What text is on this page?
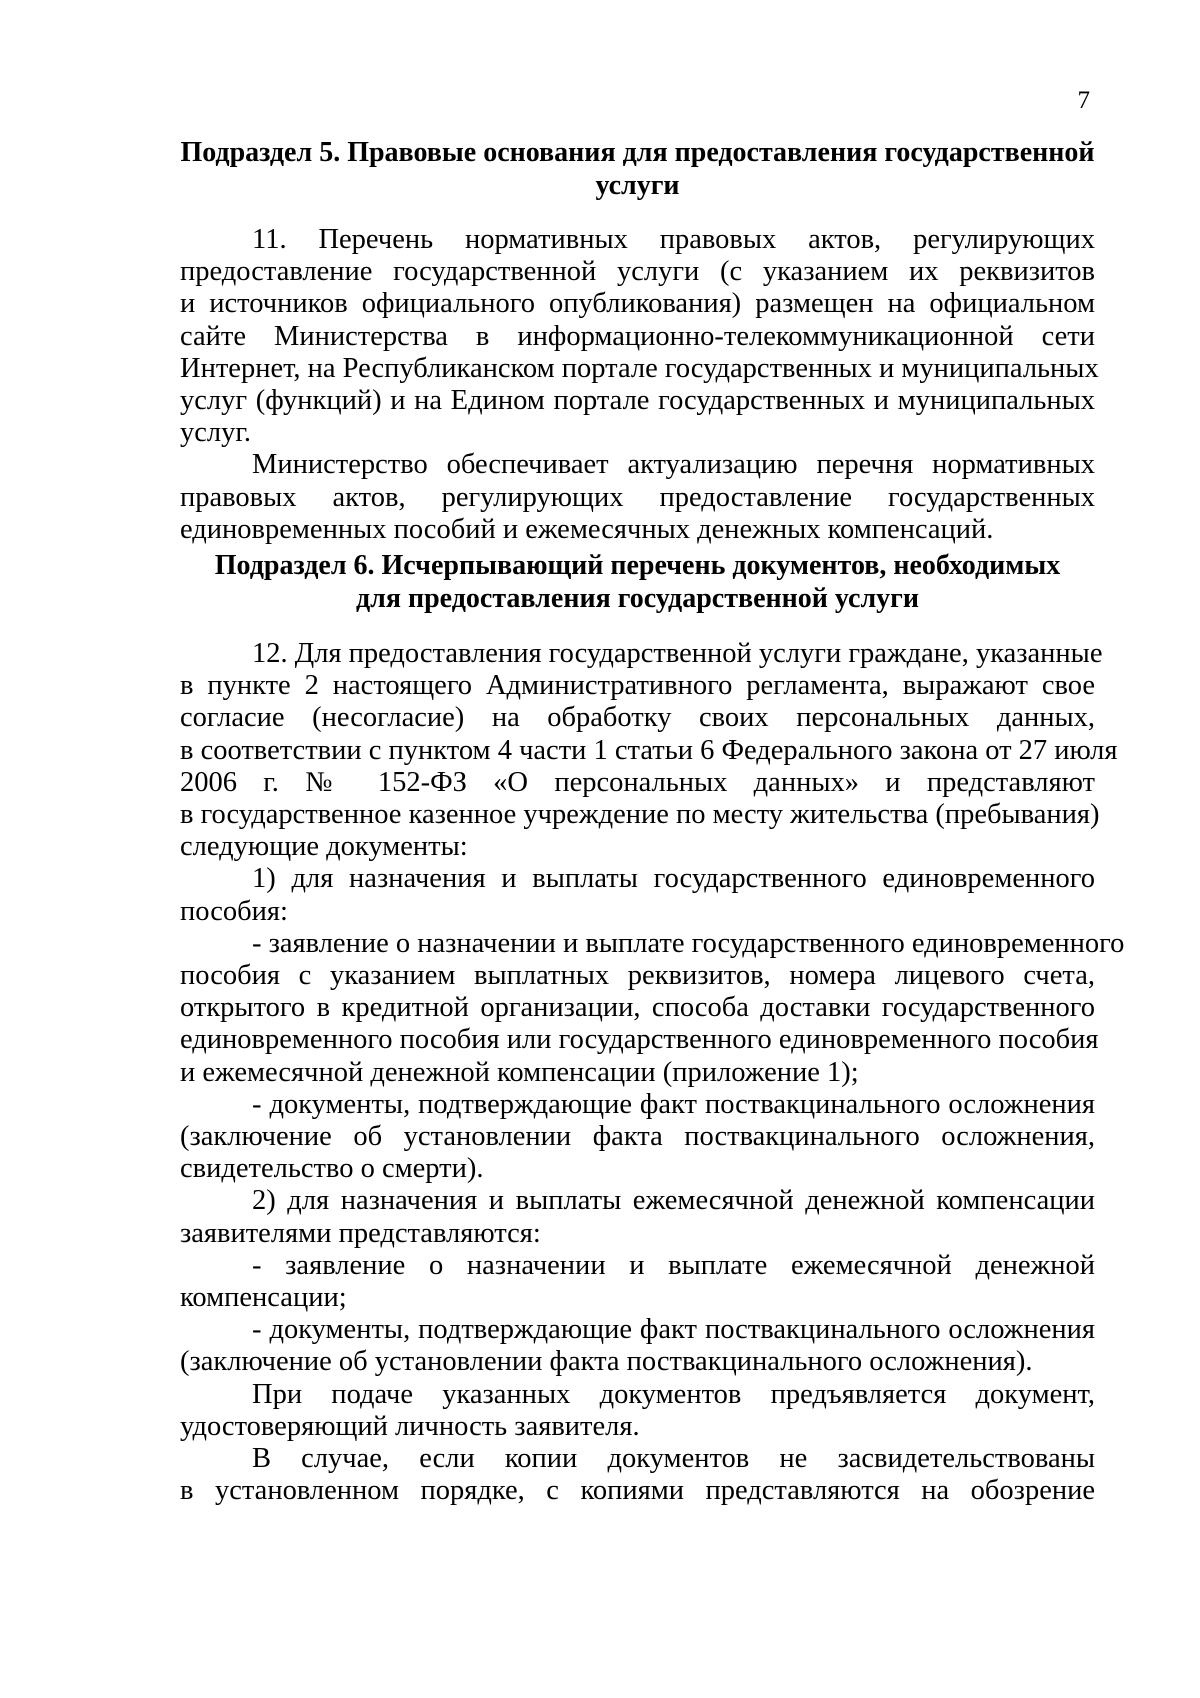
7
Подраздел 5. Правовые основания для предоставления государственной
услуги
11. Перечень нормативных правовых актов, регулирующих
предоставление государственной услуги (с указанием их реквизитов
и источников официального опубликования) размещен на официальном
сайте Министерства в информационно-телекоммуникационной сети
Интернет, на Республиканском портале государственных и муниципальных
услуг (функций) и на Едином портале государственных и муниципальных
услуг.
Министерство обеспечивает актуализацию перечня нормативных
правовых актов, регулирующих предоставление государственных
единовременных пособий и ежемесячных денежных компенсаций.
Подраздел 6. Исчерпывающий перечень документов, необходимых
для предоставления государственной услуги
12. Для предоставления государственной услуги граждане, указанные
в пункте 2 настоящего Административного регламента, выражают свое
согласие (несогласие) на обработку своих персональных данных,
в соответствии с пунктом 4 части 1 статьи 6 Федерального закона от 27 июля
2006 г. № 152-ФЗ «О персональных данных» и представляют
в государственное казенное учреждение по месту жительства (пребывания)
следующие документы:
1) для назначения и выплаты государственного единовременного
пособия:
- заявление о назначении и выплате государственного единовременного
пособия с указанием выплатных реквизитов, номера лицевого счета,
открытого в кредитной организации, способа доставки государственного
единовременного пособия или государственного единовременного пособия
и ежемесячной денежной компенсации (приложение 1);
- документы, подтверждающие факт поствакцинального осложнения
(заключение об установлении факта поствакцинального осложнения,
свидетельство о смерти).
2) для назначения и выплаты ежемесячной денежной компенсации
заявителями представляются:
- заявление о назначении и выплате ежемесячной денежной
компенсации;
- документы, подтверждающие факт поствакцинального осложнения
(заключение об установлении факта поствакцинального осложнения).
При подаче указанных документов предъявляется документ,
удостоверяющий личность заявителя.
В случае, если копии документов не засвидетельствованы
в установленном порядке, с копиями представляются на обозрение
